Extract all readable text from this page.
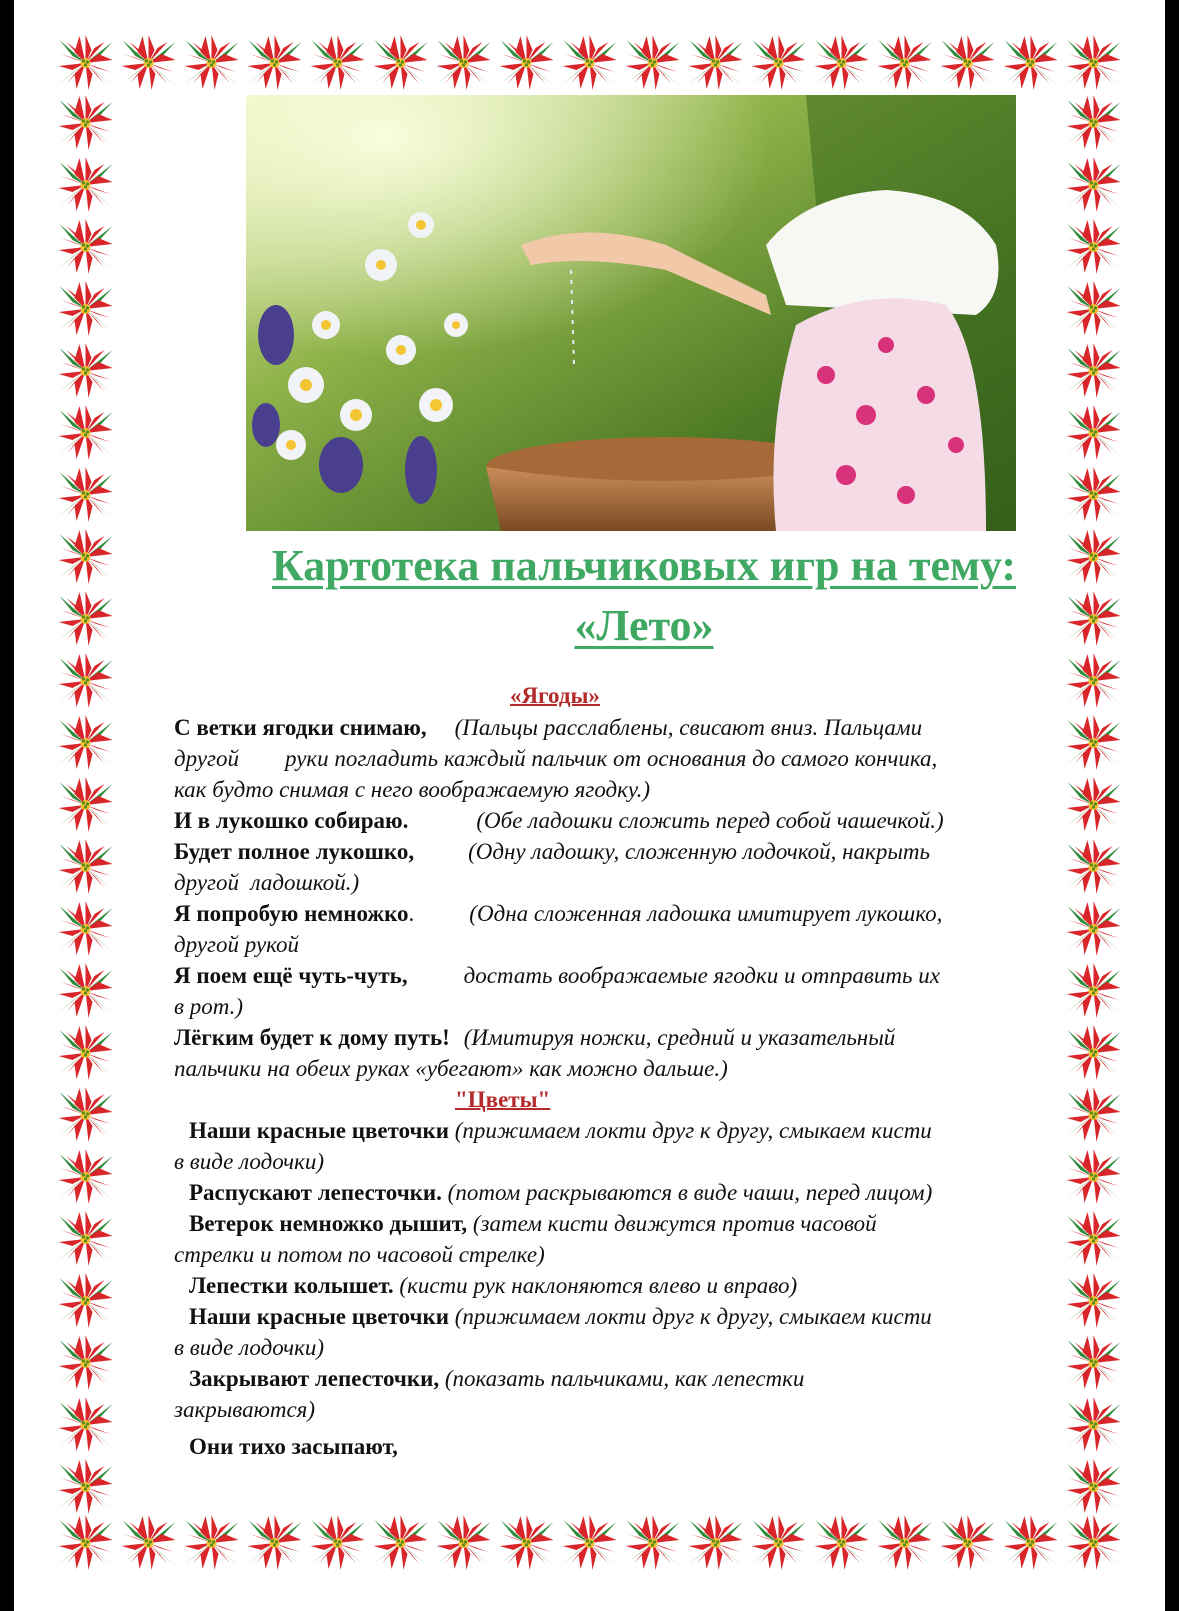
Картотека пальчиковых игр на тему:
«Лето»
«Ягоды»
С ветки ягодки снимаю, (Пальцы расслаблены, свисают вниз. Пальцами
другой        руки погладить каждый пальчик от основания до самого кончика,
как будто снимая с него воображаемую ягодку.)
И в лукошко собираю.	(Обе ладошки сложить перед собой чашечкой.)
Будет полное лукошко, (Одну ладошку, сложенную лодочкой, накрыть
другой  ладошкой.)
Я попробую немножко. (Одна сложенная ладошка имитирует лукошко,
другой рукой
Я поем ещё чуть-чуть, достать воображаемые ягодки и отправить их
в рот.)
Лёгким будет к дому путь! (Имитируя ножки, средний и указательный
пальчики на обеих руках «убегают» как можно дальше.)
"Цветы"
Наши красные цветочки (прижимаем локти друг к другу, смыкаем кисти
в виде лодочки)
Распускают лепесточки. (потом раскрываются в виде чаши, перед лицом)
Ветерок немножко дышит, (затем кисти движутся против часовой
стрелки и потом по часовой стрелке)
Лепестки колышет. (кисти рук наклоняются влево и вправо)
Наши красные цветочки (прижимаем локти друг к другу, смыкаем кисти
в виде лодочки)
Закрывают лепесточки, (показать пальчиками, как лепестки
закрываются)
Они тихо засыпают,
